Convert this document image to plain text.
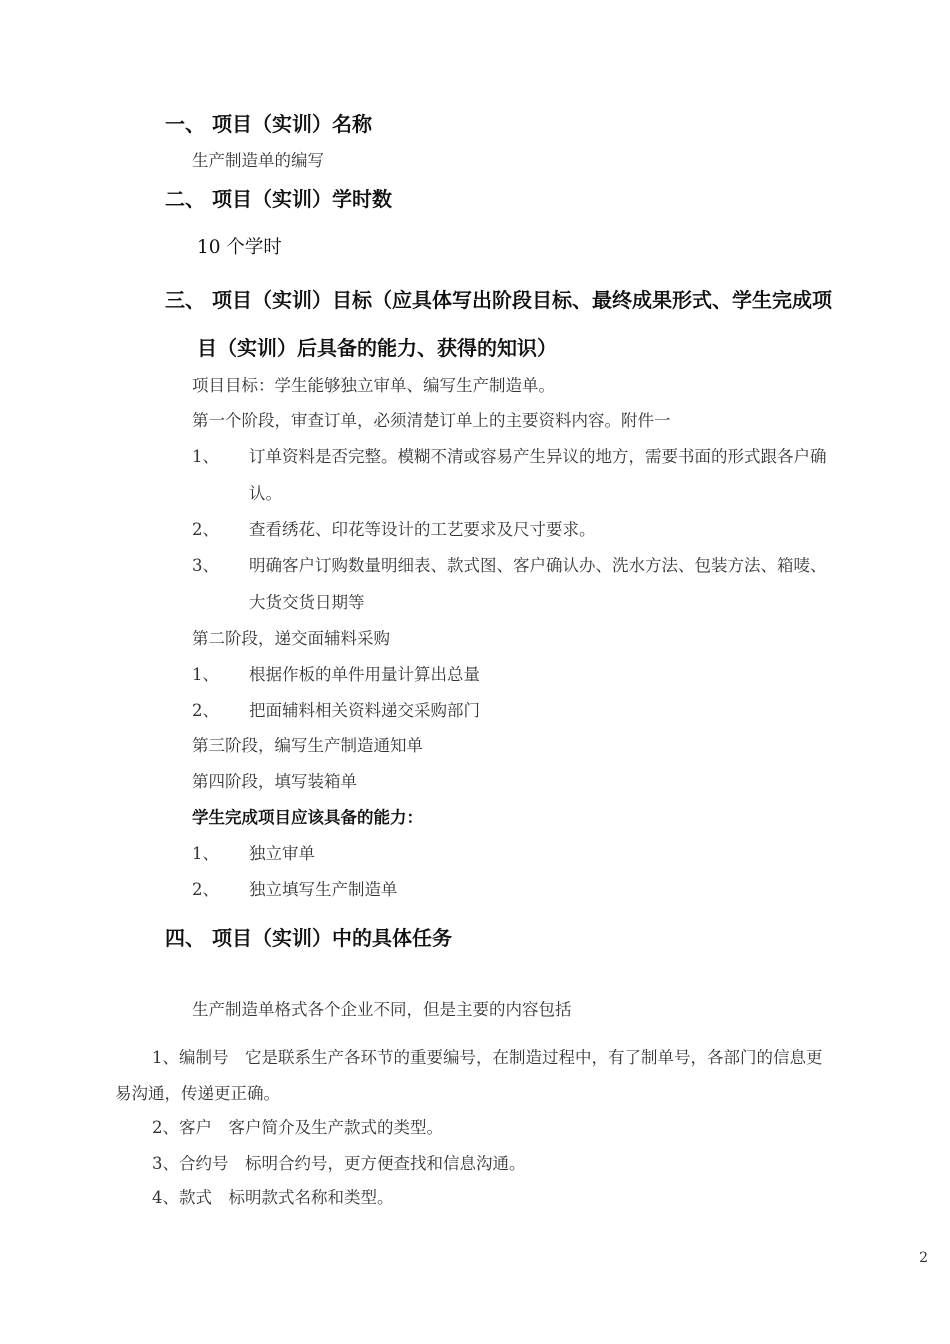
一、 项目（实训）名称
生产制造单的编写
二、 项目（实训）学时数
10 个学时
三、 项目（实训）目标（应具体写出阶段目标、最终成果形式、学生完成项
目（实训）后具备的能力、获得的知识）
项目目标：学生能够独立审单、编写生产制造单。
第一个阶段，审查订单，必须清楚订单上的主要资料内容。附件一
1、 订单资料是否完整。模糊不清或容易产生异议的地方，需要书面的形式跟各户确
认。
2、 查看绣花、印花等设计的工艺要求及尺寸要求。
3、 明确客户订购数量明细表、款式图、客户确认办、洗水方法、包装方法、箱唛、
大货交货日期等
第二阶段，递交面辅料采购
1、 根据作板的单件用量计算出总量
2、 把面辅料相关资料递交采购部门
第三阶段，编写生产制造通知单
第四阶段，填写装箱单
学生完成项目应该具备的能力：
1、 独立审单
2、 独立填写生产制造单
四、 项目（实训）中的具体任务
生产制造单格式各个企业不同，但是主要的内容包括
1、编制号　它是联系生产各环节的重要编号，在制造过程中，有了制单号，各部门的信息更
易沟通，传递更正确。
2、客户　客户简介及生产款式的类型。
3、合约号　标明合约号，更方便查找和信息沟通。
4、款式　标明款式名称和类型。
2
